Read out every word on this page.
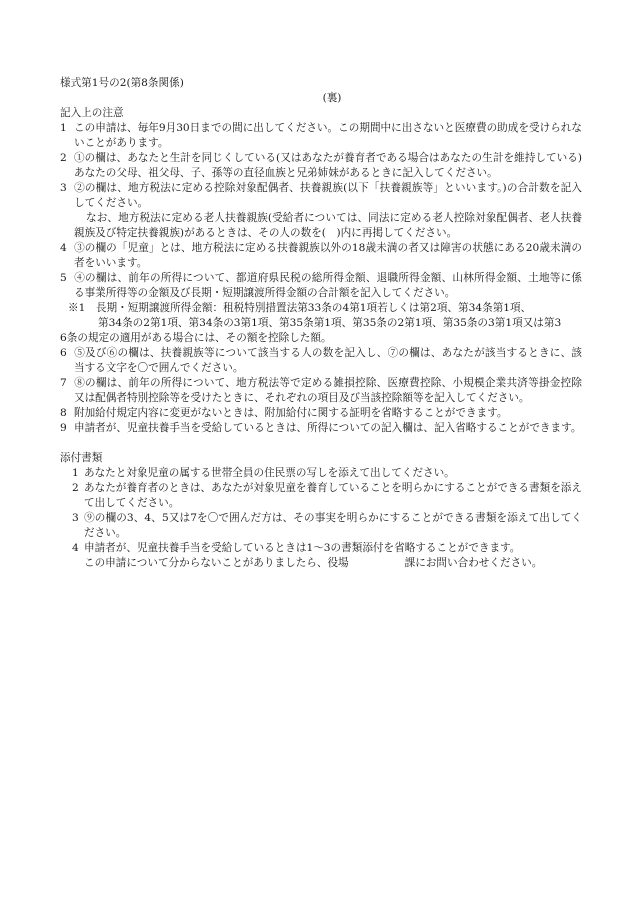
様式第1号の2(第8条関係)

(裏)

記入上の注意

1 この申請は、毎年9月30日までの間に出してください。この期間中に出さないと医療費の助成を受けられないことがあります。

2 ①の欄は、あなたと生計を同じくしている(又はあなたが養育者である場合はあなたの生計を維持している)あなたの父母、祖父母、子、孫等の直径血族と兄弟姉妹があるときに記入してください。

3 ②の欄は、地方税法に定める控除対象配偶者、扶養親族(以下「扶養親族等」といいます。)の合計数を記入してください。

なお、地方税法に定める老人扶養親族(受給者については、同法に定める老人控除対象配偶者、老人扶養親族及び特定扶養親族)があるときは、その人の数を(　)内に再掲してください。

4 ③の欄の「児童」とは、地方税法に定める扶養親族以外の18歳未満の者又は障害の状態にある20歳未満の者をいいます。

5 ④の欄は、前年の所得について、都道府県民税の総所得金額、退職所得金額、山林所得金額、土地等に係る事業所得等の金額及び長期・短期譲渡所得金額の合計額を記入してください。

※1　長期・短期譲渡所得金額：租税特別措置法第33条の4第1項若しくは第2項、第34条第1項、

第34条の2第1項、第34条の3第1項、第35条第1項、第35条の2第1項、第35条の3第1項又は第3

6条の規定の適用がある場合には、その額を控除した額。

6 ⑤及び⑥の欄は、扶養親族等について該当する人の数を記入し、⑦の欄は、あなたが該当するときに、該当する文字を〇で囲んでください。

7 ⑧の欄は、前年の所得について、地方税法等で定める雑損控除、医療費控除、小規模企業共済等掛金控除又は配偶者特別控除等を受けたときに、それぞれの項目及び当該控除額等を記入してください。

8 附加給付規定内容に変更がないときは、附加給付に関する証明を省略することができます。

9 申請者が、児童扶養手当を受給しているときは、所得についての記入欄は、記入省略することができます。

添付書類

1 あなたと対象児童の属する世帯全員の住民票の写しを添えて出してください。

2 あなたが養育者のときは、あなたが対象児童を養育していることを明らかにすることができる書類を添えて出してください。

3 ⑨の欄の3、4、5又は7を〇で囲んだ方は、その事実を明らかにすることができる書類を添えて出してください。

4 申請者が、児童扶養手当を受給しているときは1～3の書類添付を省略することができます。

この申請について分からないことがありましたら、役場	課にお問い合わせください。
